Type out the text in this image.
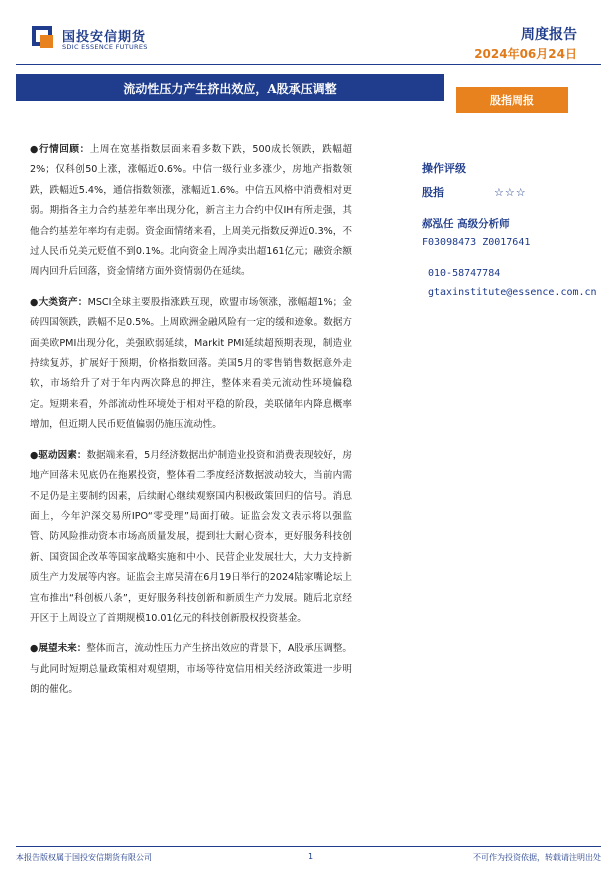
国投安信期货
SDIC ESSENCE FUTURES
周度报告
2024年06月24日
流动性压力产生挤出效应，A股承压调整
股指周报

●行情回顾：上周在宽基指数层面来看多数下跌，500成长领跌，跌幅超2%；仅科创50上涨，涨幅近0.6%。中信一级行业多涨少，房地产指数领跌，跌幅近5.4%，通信指数领涨，涨幅近1.6%。中信五风格中消费相对更弱。期指各主力合约基差年率出现分化，新言主力合约中仅IH有所走强，其他合约基差年率均有走弱。资金面情绪来看，上周美元指数反弹近0.3%，不过人民币兑美元贬值不到0.1%。北向资金上周净卖出超161亿元；融资余额周内回升后回落，资金情绪方面外资情弱仍在延续。

●大类资产：MSCI全球主要股指涨跌互现，欧盟市场领涨，涨幅超1%；金砖四国领跌，跌幅不足0.5%。上周欧洲金融风险有一定的缓和迹象。数据方面美欧PMI出现分化，美强欧弱延续，Markit PMI延续超预期表现，制造业持续复苏，扩展好于预期，价格指数回落。美国5月的零售销售数据意外走软，市场给升了对于年内两次降息的押注，整体来看美元流动性环境偏稳定。短期来看，外部流动性环境处于相对平稳的阶段，美联储年内降息概率增加，但近期人民币贬值偏弱仍施压流动性。

●驱动因素：数据端来看，5月经济数据出炉制造业投资和消费表现较好，房地产回落未见底仍在拖累投资，整体看二季度经济数据波动较大，当前内需不足仍是主要制约因素，后续耐心继续观察国内积极政策回归的信号。消息面上，今年沪深交易所IPO“零受理”局面打破。证监会发文表示将以强监管、防风险推动资本市场高质量发展，提到壮大耐心资本，更好服务科技创新、国资国企改革等国家战略实施和中小、民营企业发展壮大，大力支持新质生产力发展等内容。证监会主席吴清在6月19日举行的2024陆家嘴论坛上宣布推出“科创板八条”，更好服务科技创新和新质生产力发展。随后北京经开区于上周设立了首期规模10.01亿元的科技创新股权投资基金。

●展望未来：整体而言，流动性压力产生挤出效应的背景下，A股承压调整。与此同时短期总量政策相对观望期，市场等待宽信用相关经济政策进一步明朗的催化。

操作评级
股指	☆☆☆
郝泓任 高级分析师
F03098473 Z0017641
010-58747784
gtaxinstitute@essence.com.cn
本报告版权属于国投安信期货有限公司	1	不可作为投资依据，转载请注明出处
